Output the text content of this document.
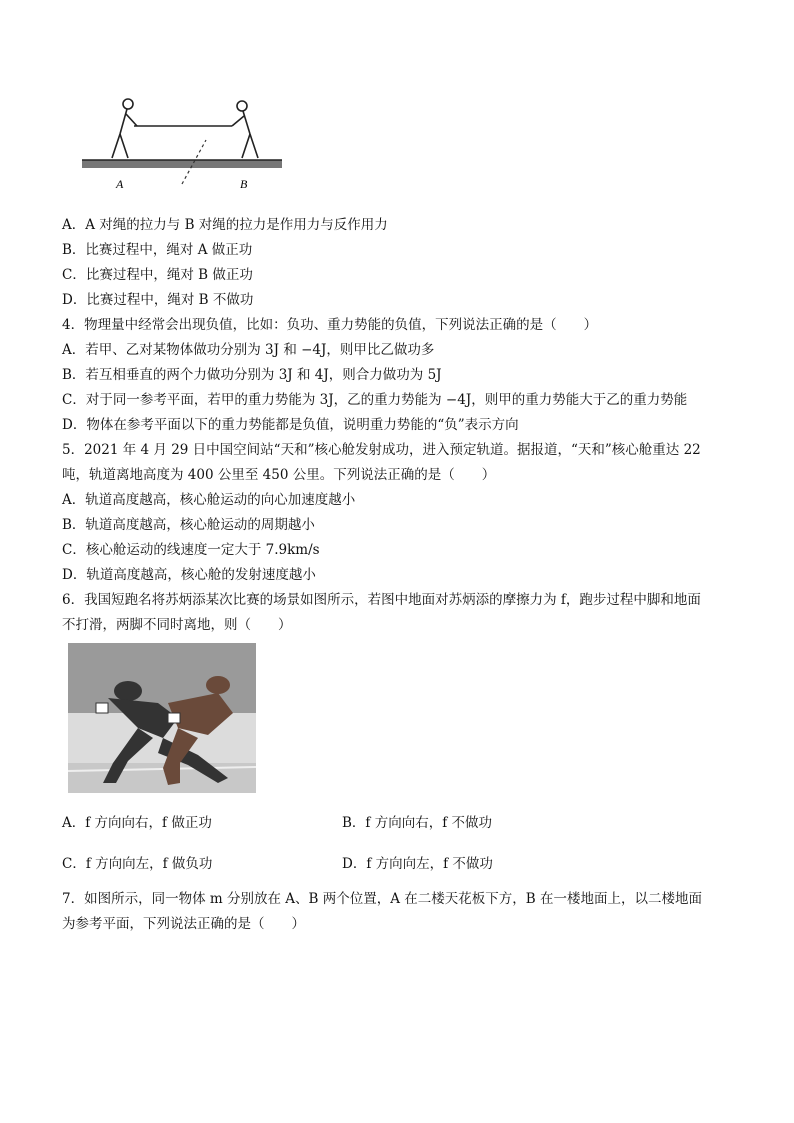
A	B
A．A 对绳的拉力与 B 对绳的拉力是作用力与反作用力
B．比赛过程中，绳对 A 做正功
C．比赛过程中，绳对 B 做正功
D．比赛过程中，绳对 B 不做功
4．物理量中经常会出现负值，比如：负功、重力势能的负值，下列说法正确的是（　　）
A．若甲、乙对某物体做功分别为 3J 和 −4J，则甲比乙做功多
B．若互相垂直的两个力做功分别为 3J 和 4J，则合力做功为 5J
C．对于同一参考平面，若甲的重力势能为 3J，乙的重力势能为 −4J，则甲的重力势能大于乙的重力势能
D．物体在参考平面以下的重力势能都是负值，说明重力势能的“负”表示方向
5．2021 年 4 月 29 日中国空间站“天和”核心舱发射成功，进入预定轨道。据报道，“天和”核心舱重达 22
吨，轨道离地高度为 400 公里至 450 公里。下列说法正确的是（　　）
A．轨道高度越高，核心舱运动的向心加速度越小
B．轨道高度越高，核心舱运动的周期越小
C．核心舱运动的线速度一定大于 7.9km/s
D．轨道高度越高，核心舱的发射速度越小
6．我国短跑名将苏炳添某次比赛的场景如图所示，若图中地面对苏炳添的摩擦力为 f，跑步过程中脚和地面
不打滑，两脚不同时离地，则（　　）
A．f 方向向右，f 做正功	B．f 方向向右，f 不做功
C．f 方向向左，f 做负功	D．f 方向向左，f 不做功
7．如图所示，同一物体 m 分别放在 A、B 两个位置，A 在二楼天花板下方，B 在一楼地面上，以二楼地面
为参考平面，下列说法正确的是（　　）
